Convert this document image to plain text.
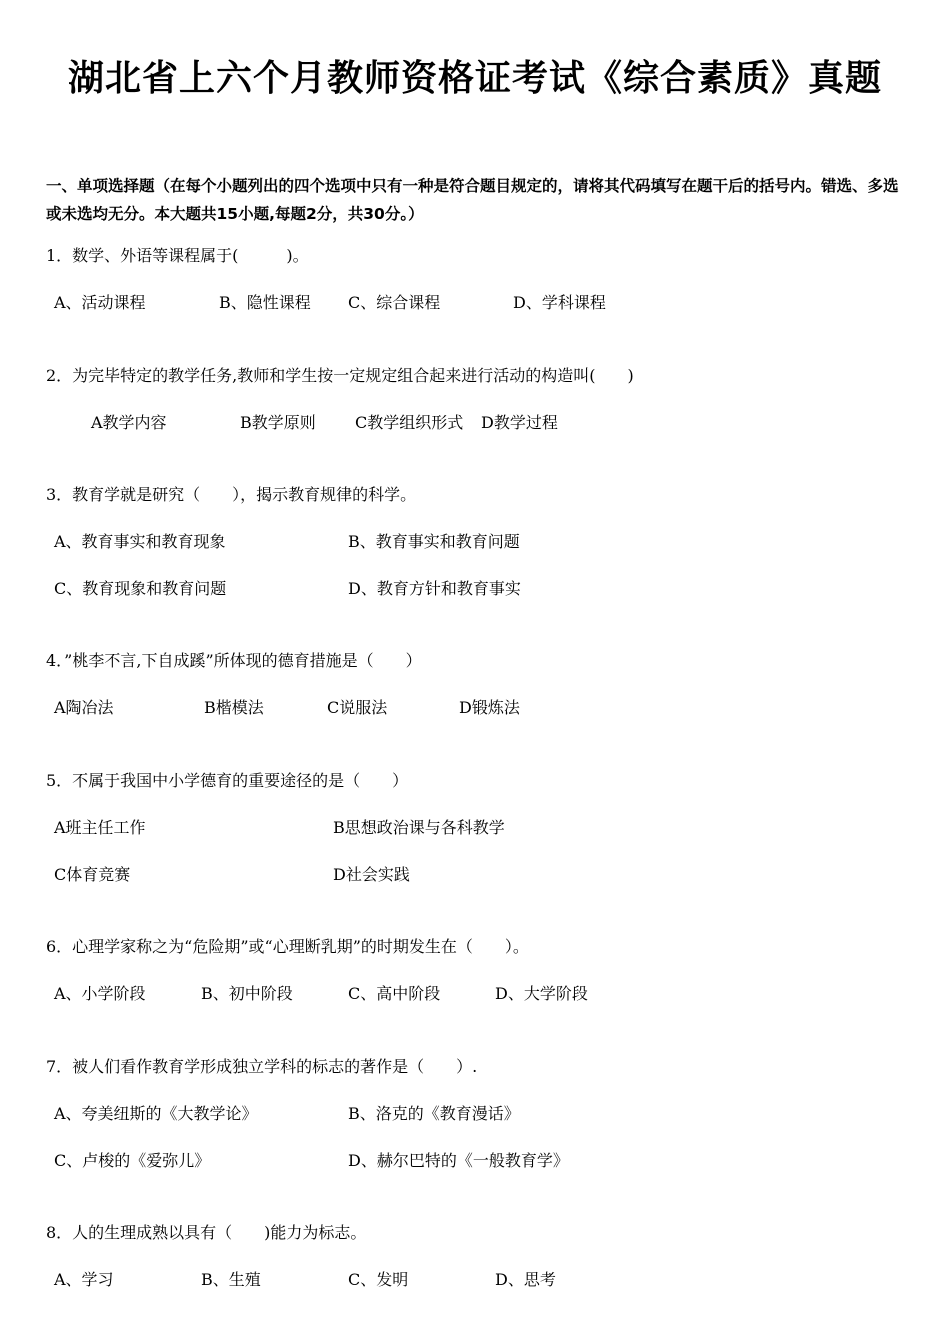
湖北省上六个月教师资格证考试《综合素质》真题
一、单项选择题（在每个小题列出的四个选项中只有一种是符合题目规定的，请将其代码填写在题干后的括号内。错选、多选或未选均无分。本大题共15小题,每题2分，共30分。）
1．数学、外语等课程属于(　　　)。
A、活动课程	B、隐性课程 C、综合课程	D、学科课程
2．为完毕特定的教学任务,教师和学生按一定规定组合起来进行活动的构造叫(　　)
A教学内容	B教学原则 C教学组织形式 D教学过程
3．教育学就是研究（　　），揭示教育规律的科学。
A、教育事实和教育现象	B、教育事实和教育问题
C、教育现象和教育问题	D、教育方针和教育事实
4．”桃李不言,下自成蹊”所体现的德育措施是（　　）
A陶冶法	B楷模法	C说服法	D锻炼法
5．不属于我国中小学德育的重要途径的是（　　）
A班主任工作	B思想政治课与各科教学
C体育竞赛	D社会实践
6．心理学家称之为“危险期”或“心理断乳期”的时期发生在（　　）。
A、小学阶段	B、初中阶段	C、高中阶段	D、大学阶段
7．被人们看作教育学形成独立学科的标志的著作是（　　）.
A、夸美纽斯的《大教学论》	B、洛克的《教育漫话》
C、卢梭的《爱弥儿》	D、赫尔巴特的《一般教育学》
8．人的生理成熟以具有（　　)能力为标志。
A、学习	B、生殖	C、发明	D、思考
